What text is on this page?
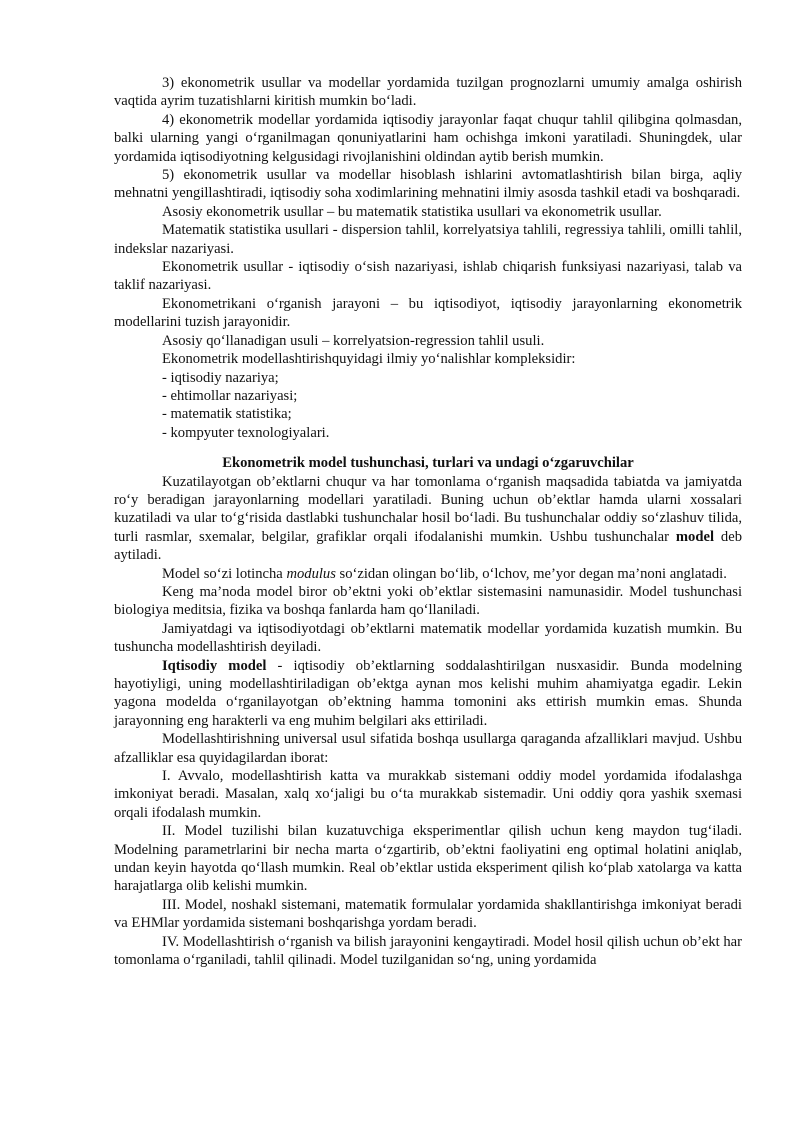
3) ekonometrik usullar va modellar yordamida tuzilgan prognozlarni umumiy amalga oshirish vaqtida ayrim tuzatishlarni kiritish mumkin bo‘ladi.

4) ekonometrik modellar yordamida iqtisodiy jarayonlar faqat chuqur tahlil qilibgina qolmasdan, balki ularning yangi o‘rganilmagan qonuniyatlarini ham ochishga imkoni yaratiladi. Shuningdek, ular yordamida iqtisodiyotning kelgusidagi rivojlanishini oldindan aytib berish mumkin.

5) ekonometrik usullar va modellar hisoblash ishlarini avtomatlashtirish bilan birga, aqliy mehnatni yengillashtiradi, iqtisodiy soha xodimlarining mehnatini ilmiy asosda tashkil etadi va boshqaradi.

Asosiy ekonometrik usullar – bu matematik statistika usullari va ekonometrik usullar.

Matematik statistika usullari - dispersion tahlil, korrelyatsiya tahlili, regressiya tahlili, omilli tahlil, indekslar nazariyasi.

Ekonometrik usullar - iqtisodiy o‘sish nazariyasi, ishlab chiqarish funksiyasi nazariyasi, talab va taklif nazariyasi.

Ekonometrikani o‘rganish jarayoni – bu iqtisodiyot, iqtisodiy jarayonlarning ekonometrik modellarini tuzish jarayonidir.

Asosiy qo‘llanadigan usuli – korrelyatsion-regression tahlil usuli.

Ekonometrik modellashtirishquyidagi ilmiy yo‘nalishlar kompleksidir:

- iqtisodiy nazariya;

- ehtimollar nazariyasi;

- matematik statistika;

- kompyuter texnologiyalari.

Ekonometrik model tushunchasi, turlari va undagi o‘zgaruvchilar

Kuzatilayotgan ob’ektlarni chuqur va har tomonlama o‘rganish maqsadida tabiatda va jamiyatda ro‘y beradigan jarayonlarning modellari yaratiladi. Buning uchun ob’ektlar hamda ularni xossalari kuzatiladi va ular to‘g‘risida dastlabki tushunchalar hosil bo‘ladi. Bu tushunchalar oddiy so‘zlashuv tilida, turli rasmlar, sxemalar, belgilar, grafiklar orqali ifodalanishi mumkin. Ushbu tushunchalar model deb aytiladi.

Model so‘zi lotincha modulus so‘zidan olingan bo‘lib, o‘lchov, me’yor degan ma’noni anglatadi.

Keng ma’noda model biror ob’ektni yoki ob’ektlar sistemasini namunasidir. Model tushunchasi biologiya meditsia, fizika va boshqa fanlarda ham qo‘llaniladi.

Jamiyatdagi va iqtisodiyotdagi ob’ektlarni matematik modellar yordamida kuzatish mumkin. Bu tushuncha modellashtirish deyiladi.

Iqtisodiy model - iqtisodiy ob’ektlarning soddalashtirilgan nusxasidir. Bunda modelning hayotiyligi, uning modellashtiriladigan ob’ektga aynan mos kelishi muhim ahamiyatga egadir. Lekin yagona modelda o‘rganilayotgan ob’ektning hamma tomonini aks ettirish mumkin emas. Shunda jarayonning eng harakterli va eng muhim belgilari aks ettiriladi.

Modellashtirishning universal usul sifatida boshqa usullarga qaraganda afzalliklari mavjud. Ushbu afzalliklar esa quyidagilardan iborat:

I. Avvalo, modellashtirish katta va murakkab sistemani oddiy model yordamida ifodalashga imkoniyat beradi. Masalan, xalq xo‘jaligi bu o‘ta murakkab sistemadir. Uni oddiy qora yashik sxemasi orqali ifodalash mumkin.

II. Model tuzilishi bilan kuzatuvchiga eksperimentlar qilish uchun keng maydon tug‘iladi. Modelning parametrlarini bir necha marta o‘zgartirib, ob’ektni faoliyatini eng optimal holatini aniqlab, undan keyin hayotda qo‘llash mumkin. Real ob’ektlar ustida eksperiment qilish ko‘plab xatolarga va katta harajatlarga olib kelishi mumkin.

III. Model, noshakl sistemani, matematik formulalar yordamida shakllantirishga imkoniyat beradi va EHMlar yordamida sistemani boshqarishga yordam beradi.

IV. Modellashtirish o‘rganish va bilish jarayonini kengaytiradi. Model hosil qilish uchun ob’ekt har tomonlama o‘rganiladi, tahlil qilinadi. Model tuzilganidan so‘ng, uning yordamida
